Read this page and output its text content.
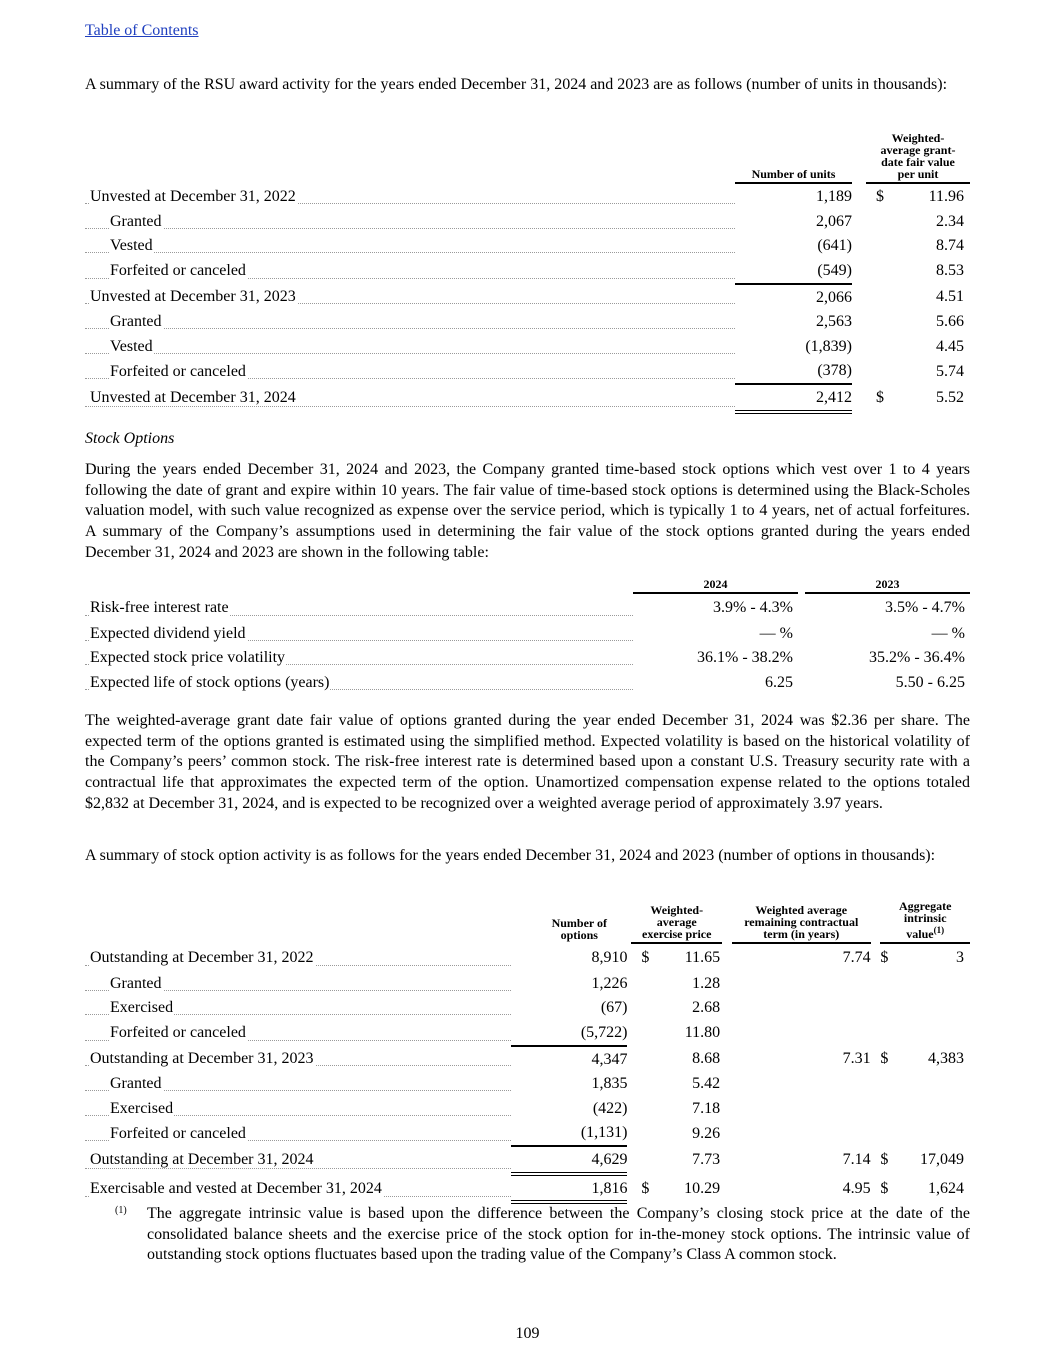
Table of Contents

A summary of the RSU award activity for the years ended December 31, 2024 and 2023 are as follows (number of units in thousands):

	Number of units		Weighted-
average grant-
date fair value
per unit	

Unvested at December 31, 2022	1,189		$	11.96

Granted	2,067			2.34

Vested	(641)			8.74

Forfeited or canceled	(549)			8.53

Unvested at December 31, 2023	2,066			4.51

Granted	2,563			5.66

Vested	(1,839)			4.45

Forfeited or canceled	(378)			5.74

Unvested at December 31, 2024	2,412		$	5.52
Stock Options

During the years ended December 31, 2024 and 2023, the Company granted time-based stock options which vest over 1 to 4 years following the date of grant and expire within 10 years. The fair value of time-based stock options is determined using the Black-Scholes valuation model, with such value recognized as expense over the service period, which is typically 1 to 4 years, net of actual forfeitures. A summary of the Company’s assumptions used in determining the fair value of the stock options granted during the years ended December 31, 2024 and 2023 are shown in the following table:

	2024		2023

Risk-free interest rate	3.9% - 4.3%		3.5% - 4.7%

Expected dividend yield	— %		— %

Expected stock price volatility	36.1% - 38.2%		35.2% - 36.4%

Expected life of stock options (years)	6.25		5.50 - 6.25

The weighted-average grant date fair value of options granted during the year ended December 31, 2024 was $2.36 per share. The expected term of the options granted is estimated using the simplified method. Expected volatility is based on the historical volatility of the Company’s peers’ common stock. The risk-free interest rate is determined based upon a constant U.S. Treasury security rate with a contractual life that approximates the expected term of the option. Unamortized compensation expense related to the options totaled $2,832 at December 31, 2024, and is expected to be recognized over a weighted average period of approximately 3.97 years.

A summary of stock option activity is as follows for the years ended December 31, 2024 and 2023 (number of options in thousands):

	Number of
options		Weighted-
average
exercise price			Weighted average
remaining contractual
term (in years)		Aggregate
intrinsic
value$^{(1)}$

Outstanding at December 31, 2022	8,910		$	11.65		7.74		$	3

Granted	1,226			1.28					

Exercised	(67)			2.68					

Forfeited or canceled	(5,722)			11.80					

Outstanding at December 31, 2023	4,347			8.68		7.31		$	4,383

Granted	1,835			5.42					

Exercised	(422)			7.18					

Forfeited or canceled	(1,131)			9.26					

Outstanding at December 31, 2024	4,629			7.73		7.14		$	17,049

Exercisable and vested at December 31, 2024	1,816		$	10.29		4.95		$	1,624
(1) The aggregate intrinsic value is based upon the difference between the Company’s closing stock price at the date of the consolidated balance sheets and the exercise price of the stock option for in-the-money stock options. The intrinsic value of outstanding stock options fluctuates based upon the trading value of the Company’s Class A common stock.

109
